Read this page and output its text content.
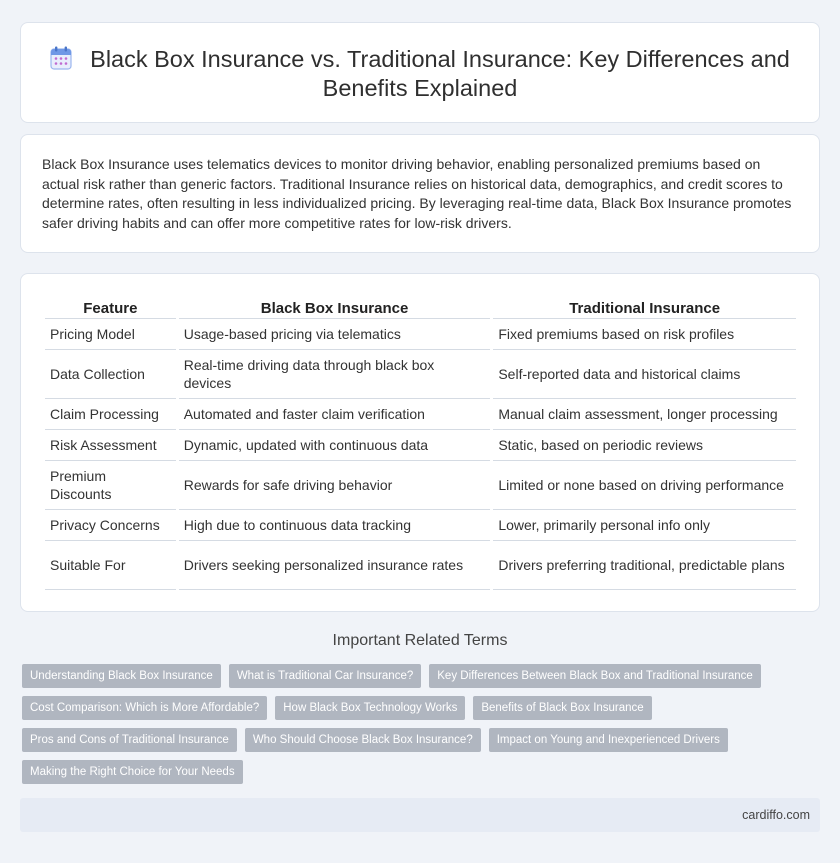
Black Box Insurance vs. Traditional Insurance: Key Differences and Benefits Explained

Black Box Insurance uses telematics devices to monitor driving behavior, enabling personalized premiums based on actual risk rather than generic factors. Traditional Insurance relies on historical data, demographics, and credit scores to determine rates, often resulting in less individualized pricing. By leveraging real-time data, Black Box Insurance promotes safer driving habits and can offer more competitive rates for low-risk drivers.

Feature	Black Box Insurance	Traditional Insurance
Pricing Model	Usage-based pricing via telematics	Fixed premiums based on risk profiles
Data Collection	Real-time driving data through black box devices	Self-reported data and historical claims
Claim Processing	Automated and faster claim verification	Manual claim assessment, longer processing
Risk Assessment	Dynamic, updated with continuous data	Static, based on periodic reviews
Premium Discounts	Rewards for safe driving behavior	Limited or none based on driving performance
Privacy Concerns	High due to continuous data tracking	Lower, primarily personal info only
Suitable For	Drivers seeking personalized insurance rates	Drivers preferring traditional, predictable plans
Important Related Terms
Understanding Black Box Insurance	What is Traditional Car Insurance?	Key Differences Between Black Box and Traditional Insurance
Cost Comparison: Which is More Affordable?	How Black Box Technology Works	Benefits of Black Box Insurance
Pros and Cons of Traditional Insurance	Who Should Choose Black Box Insurance?	Impact on Young and Inexperienced Drivers
Making the Right Choice for Your Needs
cardiffo.com
